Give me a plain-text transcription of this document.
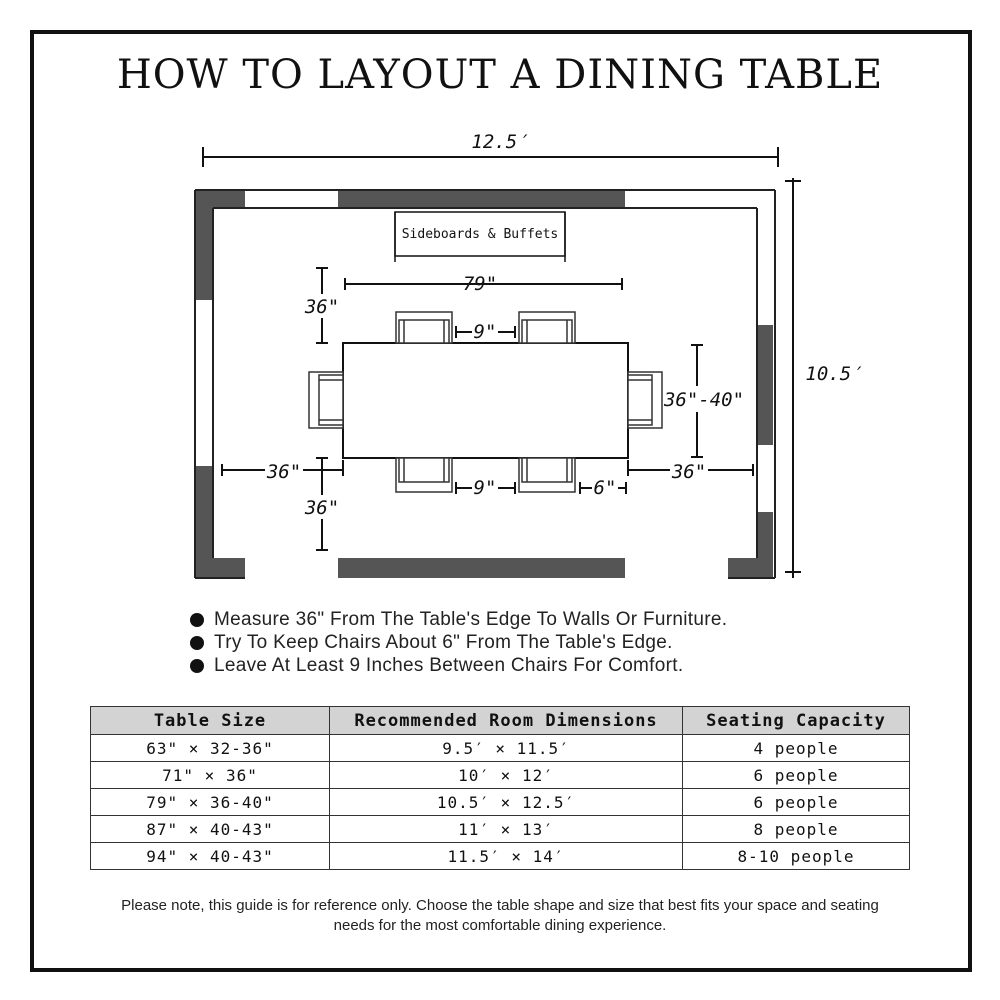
HOW TO LAYOUT A DINING TABLE
12.5′
10.5′
Sideboards & Buffets
79"
36"
9"
36"-40"
36"	36"
36"
9"	6"
Measure 36" From The Table's Edge To Walls Or Furniture.
Try To Keep Chairs About 6" From The Table's Edge.
Leave At Least 9 Inches Between Chairs For Comfort.
Table Size	Recommended Room Dimensions	Seating Capacity
63" × 32-36"	9.5′ × 11.5′	4 people
71" × 36"	10′ × 12′	6 people
79" × 36-40"	10.5′ × 12.5′	6 people
87" × 40-43"	11′ × 13′	8 people
94" × 40-43"	11.5′ × 14′	8-10 people

Please note, this guide is for reference only. Choose the table shape and size that best fits your space and seating needs for the most comfortable dining experience.
